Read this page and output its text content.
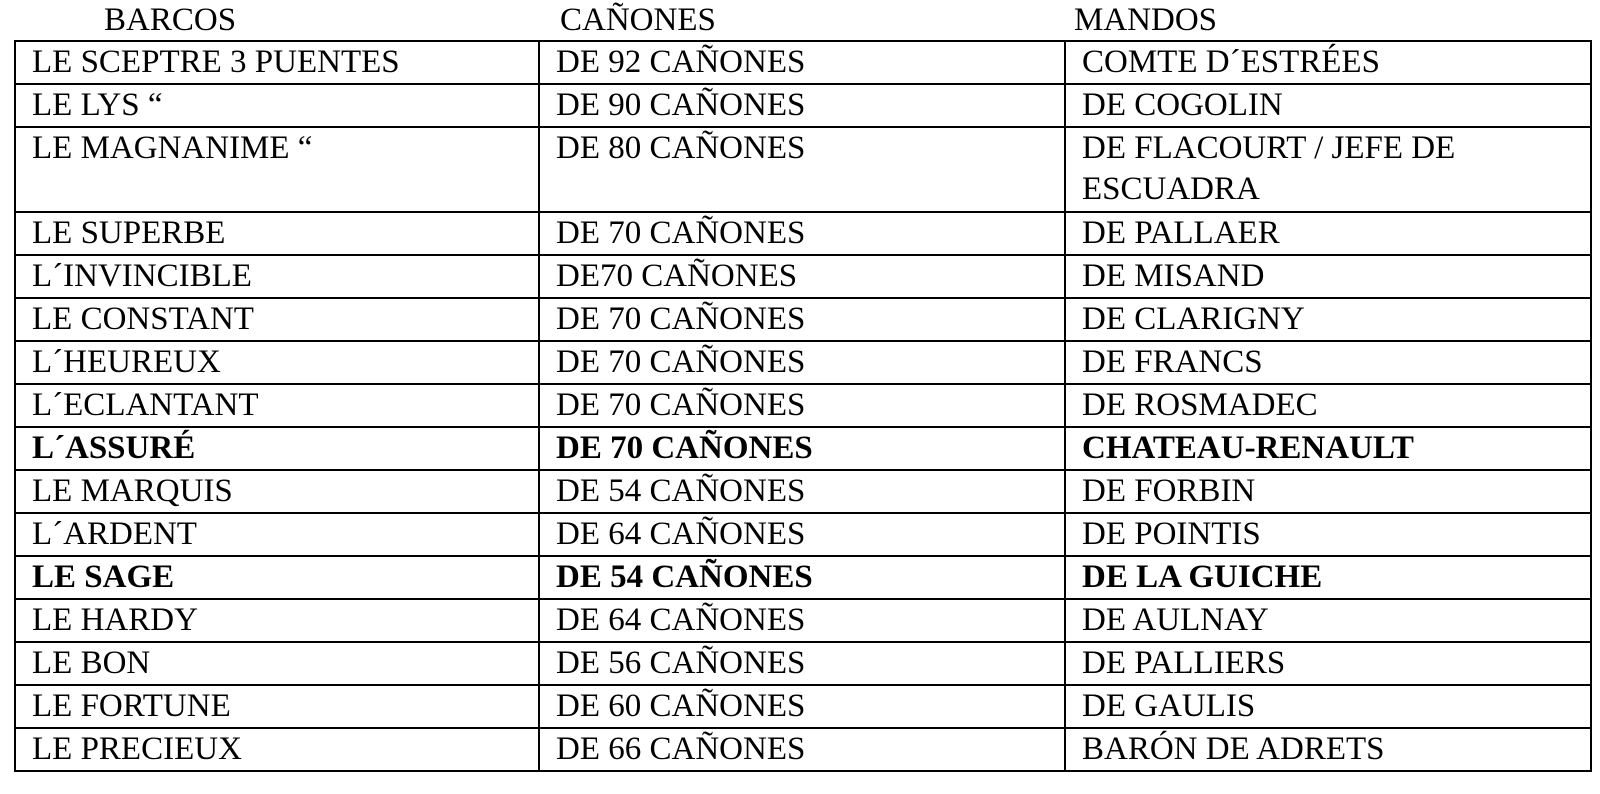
BARCOS	CAÑONES	MANDOS
LE SCEPTRE 3 PUENTES	DE 92 CAÑONES	COMTE D´ESTRÉES
LE LYS “	DE 90 CAÑONES	DE COGOLIN
LE MAGNANIME “	DE 80 CAÑONES	DE FLACOURT / JEFE DE ESCUADRA
LE SUPERBE	DE 70 CAÑONES	DE PALLAER
L´INVINCIBLE	DE70 CAÑONES	DE MISAND
LE CONSTANT	DE 70 CAÑONES	DE CLARIGNY
L´HEUREUX	DE 70 CAÑONES	DE FRANCS
L´ECLANTANT	DE 70 CAÑONES	DE ROSMADEC
L´ASSURÉ	DE 70 CAÑONES	CHATEAU-RENAULT
LE MARQUIS	DE 54 CAÑONES	DE FORBIN
L´ARDENT	DE 64 CAÑONES	DE POINTIS
LE SAGE	DE 54 CAÑONES	DE LA GUICHE
LE HARDY	DE 64 CAÑONES	DE AULNAY
LE BON	DE 56 CAÑONES	DE PALLIERS
LE FORTUNE	DE 60 CAÑONES	DE GAULIS
LE PRECIEUX	DE 66 CAÑONES	BARÓN DE ADRETS
